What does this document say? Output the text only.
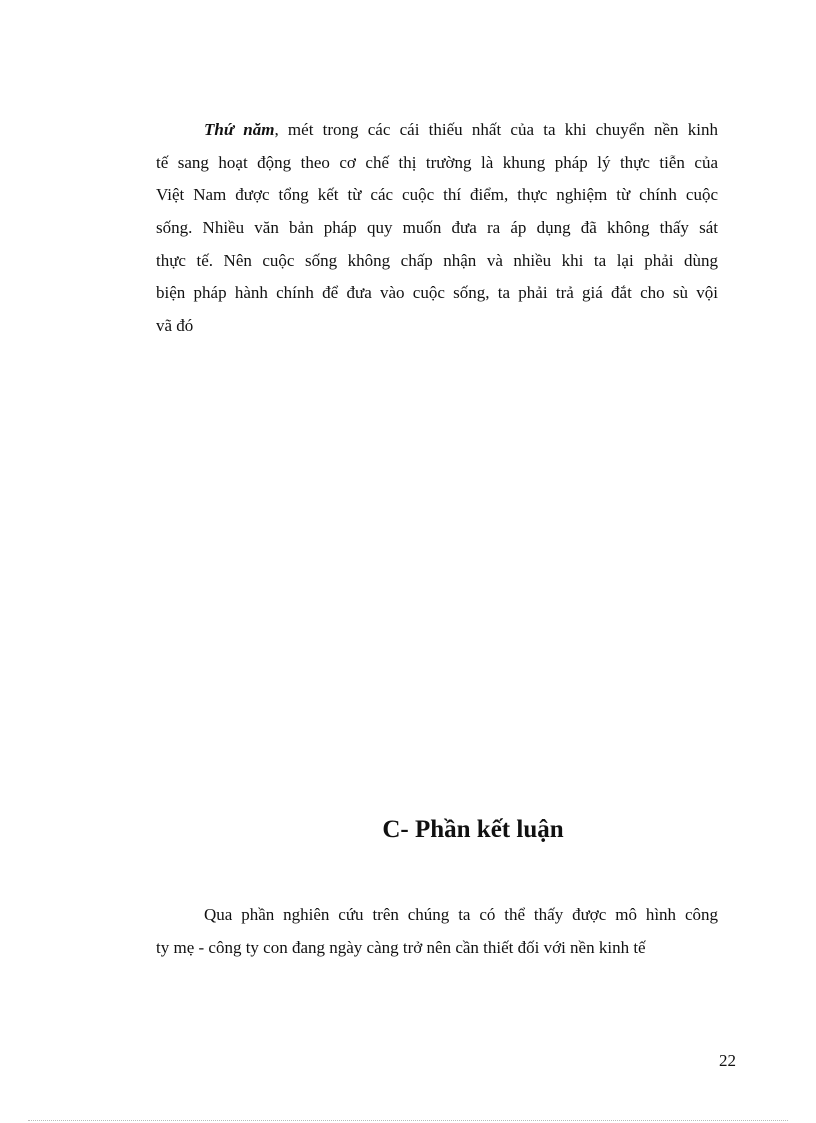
Thứ năm, mét trong các cái thiếu nhất của ta khi chuyển nền kinh
tế sang hoạt động theo cơ chế thị trường là khung pháp lý thực tiễn của
Việt Nam được tổng kết từ các cuộc thí điểm, thực nghiệm từ chính cuộc
sống. Nhiều văn bản pháp quy muốn đưa ra áp dụng đã không thấy sát
thực tế. Nên cuộc sống không chấp nhận và nhiều khi ta lại phải dùng
biện pháp hành chính để đưa vào cuộc sống, ta phải trả giá đắt cho sù vội
vã đó
C- Phần kết luận
Qua phần nghiên cứu trên chúng ta có thể thấy được mô hình công
ty mẹ - công ty con đang ngày càng trở nên cần thiết đối với nền kinh tế
22
